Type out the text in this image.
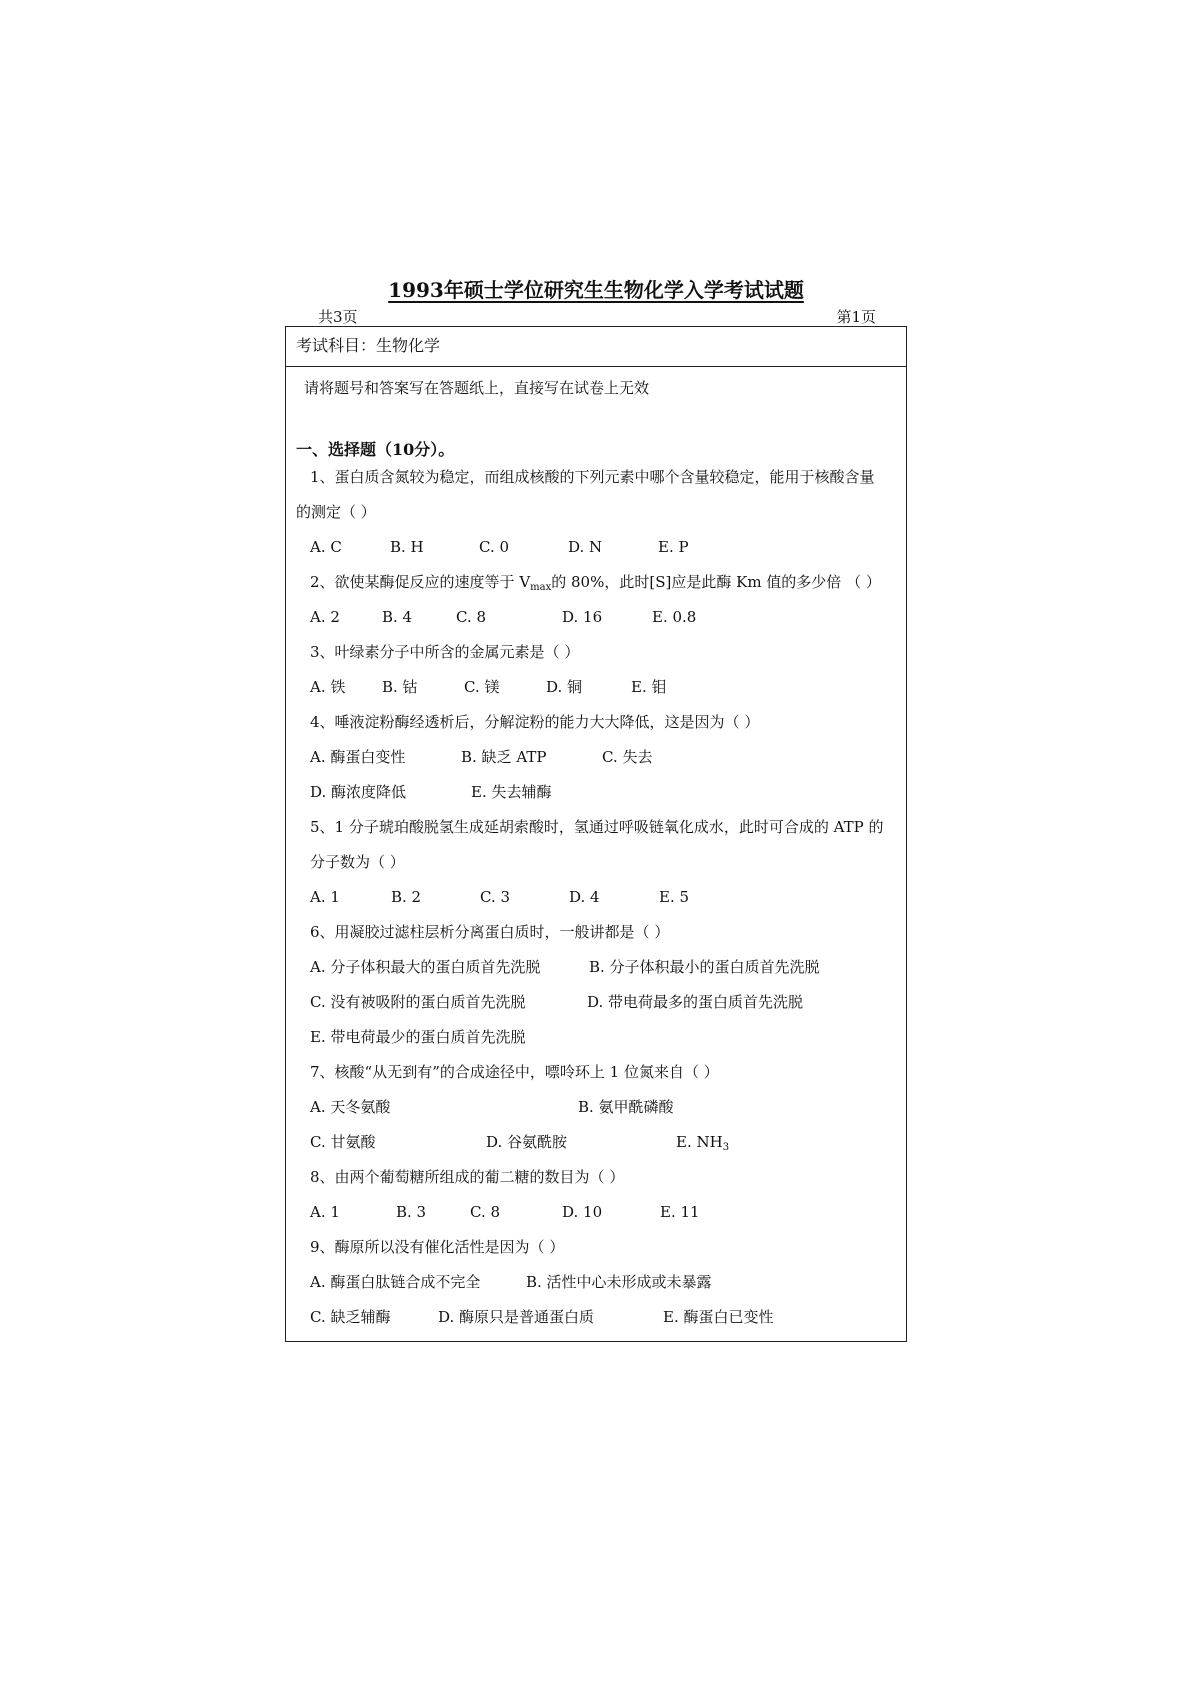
1993年硕士学位研究生生物化学入学考试试题
共3页	第1页
考试科目：生物化学
请将题号和答案写在答题纸上，直接写在试卷上无效
一、选择题（10分）。
1、蛋白质含氮较为稳定，而组成核酸的下列元素中哪个含量较稳定，能用于核酸含量
的测定（ ）
A. C	B. H	C. 0	D. N	E. P
2、欲使某酶促反应的速度等于 $V_{max}$的 80%，此时[S]应是此酶 Km 值的多少倍 （ ）
A. 2	B. 4	C. 8	D. 16	E. 0.8
3、叶绿素分子中所含的金属元素是（ ）
A. 铁 B. 钴	C. 镁	D. 铜	E. 钼
4、唾液淀粉酶经透析后，分解淀粉的能力大大降低，这是因为（ ）
A. 酶蛋白变性	B. 缺乏 ATP	C. 失去
D. 酶浓度降低	E. 失去辅酶
5、1 分子琥珀酸脱氢生成延胡索酸时，氢通过呼吸链氧化成水，此时可合成的 ATP 的
分子数为（ ）
A. 1	B. 2	C. 3	D. 4	E. 5
6、用凝胶过滤柱层析分离蛋白质时，一般讲都是（ ）
A. 分子体积最大的蛋白质首先洗脱	B. 分子体积最小的蛋白质首先洗脱
C. 没有被吸附的蛋白质首先洗脱	D. 带电荷最多的蛋白质首先洗脱
E. 带电荷最少的蛋白质首先洗脱
7、核酸“从无到有”的合成途径中，嘌呤环上 1 位氮来自（ ）
A. 天冬氨酸	B. 氨甲酰磷酸
C. 甘氨酸	D. 谷氨酰胺	E. $NH_3$
8、由两个葡萄糖所组成的葡二糖的数目为（ ）
A. 1	B. 3	C. 8	D. 10	E. 11
9、酶原所以没有催化活性是因为（ ）
A. 酶蛋白肽链合成不完全	B. 活性中心未形成或未暴露
C. 缺乏辅酶	D. 酶原只是普通蛋白质	E. 酶蛋白已变性
